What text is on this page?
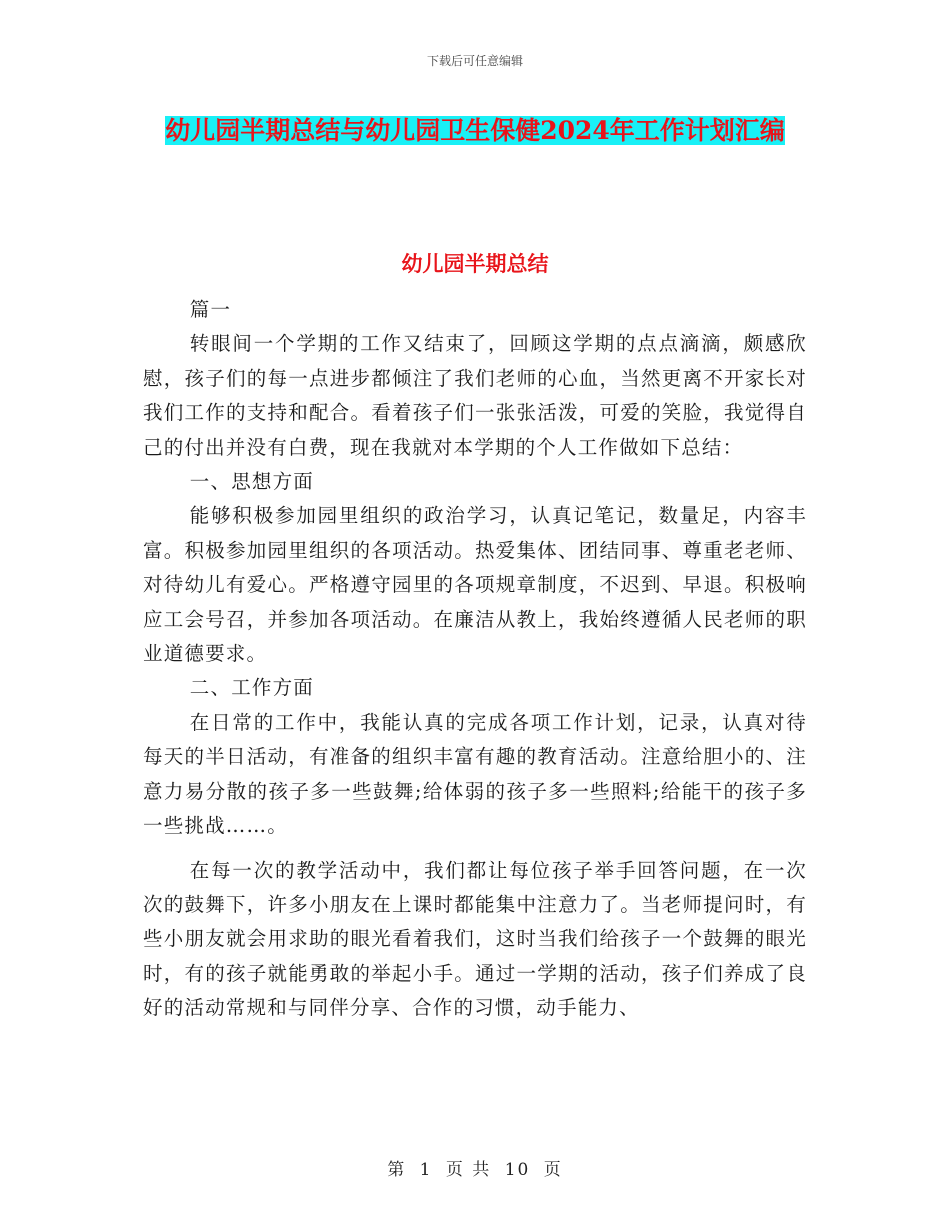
下载后可任意编辑
幼儿园半期总结与幼儿园卫生保健2024年工作计划汇编
幼儿园半期总结

篇一

转眼间一个学期的工作又结束了，回顾这学期的点点滴滴，颇感欣慰，孩子们的每一点进步都倾注了我们老师的心血，当然更离不开家长对我们工作的支持和配合。看着孩子们一张张活泼，可爱的笑脸，我觉得自己的付出并没有白费，现在我就对本学期的个人工作做如下总结：

一、思想方面

能够积极参加园里组织的政治学习，认真记笔记，数量足，内容丰富。积极参加园里组织的各项活动。热爱集体、团结同事、尊重老老师、对待幼儿有爱心。严格遵守园里的各项规章制度，不迟到、早退。积极响应工会号召，并参加各项活动。在廉洁从教上，我始终遵循人民老师的职业道德要求。

二、工作方面

在日常的工作中，我能认真的完成各项工作计划，记录，认真对待每天的半日活动，有准备的组织丰富有趣的教育活动。注意给胆小的、注意力易分散的孩子多一些鼓舞;给体弱的孩子多一些照料;给能干的孩子多一些挑战……。

在每一次的教学活动中，我们都让每位孩子举手回答问题，在一次次的鼓舞下，许多小朋友在上课时都能集中注意力了。当老师提问时，有些小朋友就会用求助的眼光看着我们，这时当我们给孩子一个鼓舞的眼光时，有的孩子就能勇敢的举起小手。通过一学期的活动，孩子们养成了良好的活动常规和与同伴分享、合作的习惯，动手能力、

第 1 页 共 10 页
